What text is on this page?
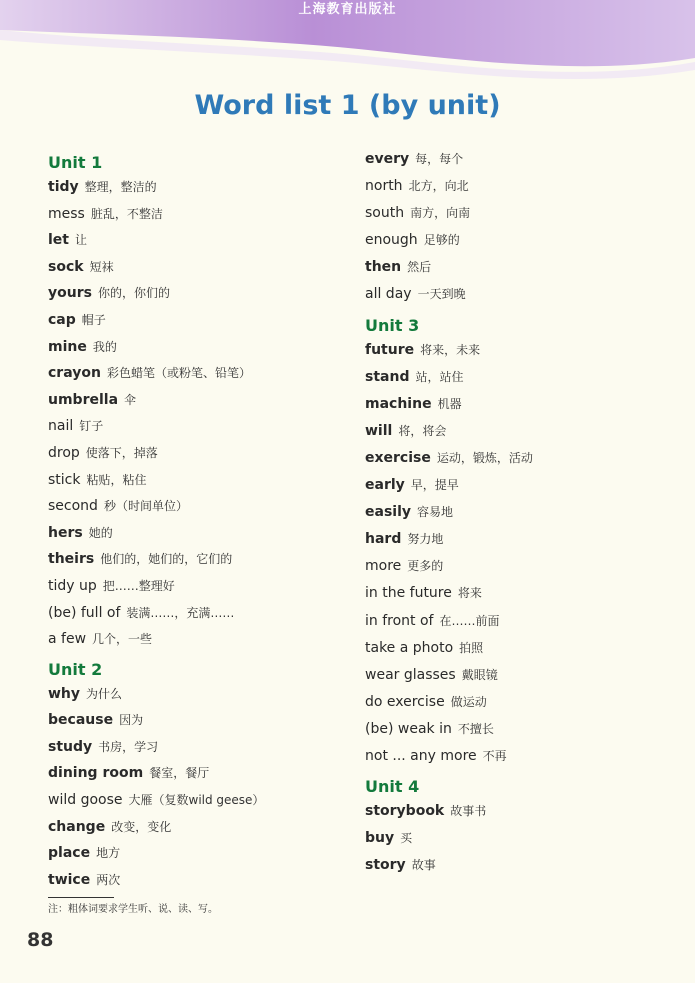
上海教育出版社
Word list 1 (by unit)
Unit 1
tidy 整理，整洁的
mess 脏乱，不整洁
let 让
sock 短袜
yours 你的，你们的
cap 帽子
mine 我的
crayon 彩色蜡笔（或粉笔、铅笔）
umbrella 伞
nail 钉子
drop 使落下，掉落
stick 粘贴，粘住
second 秒（时间单位）
hers 她的
theirs 他们的，她们的，它们的
tidy up 把……整理好
(be) full of 装满……，充满……
a few 几个，一些
Unit 2
why 为什么
because 因为
study 书房，学习
dining room 餐室，餐厅
wild goose 大雁（复数wild geese）
change 改变，变化
place 地方
twice 两次
every 每，每个
north 北方，向北
south 南方，向南
enough 足够的
then 然后
all day 一天到晚
Unit 3
future 将来，未来
stand 站，站住
machine 机器
will 将，将会
exercise 运动，锻炼，活动
early 早，提早
easily 容易地
hard 努力地
more 更多的
in the future 将来
in front of 在……前面
take a photo 拍照
wear glasses 戴眼镜
do exercise 做运动
(be) weak in 不擅长
not ... any more 不再
Unit 4
storybook 故事书
buy 买
story 故事
注：粗体词要求学生听、说、读、写。
88
